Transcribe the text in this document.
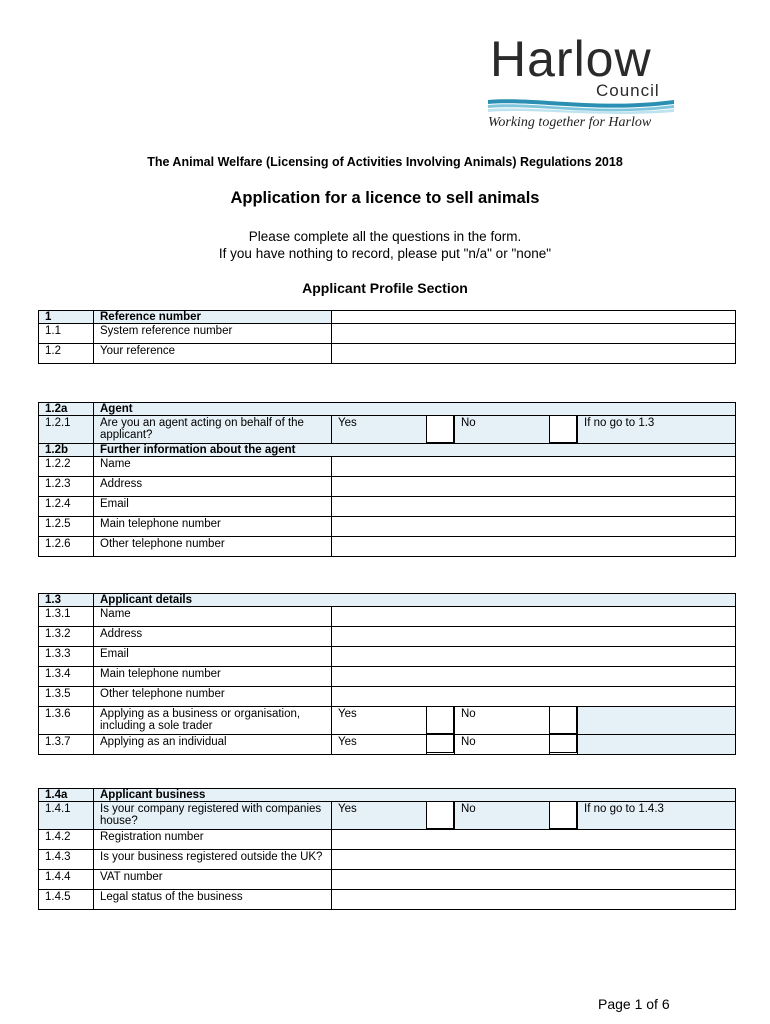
Harlow
Council
Working together for Harlow
The Animal Welfare (Licensing of Activities Involving Animals) Regulations 2018
Application for a licence to sell animals
Please complete all the questions in the form.
If you have nothing to record, please put "n/a" or "none"
Applicant Profile Section
1	Reference number	
1.1	System reference number	
1.2	Your reference	
1.2a	Agent					
1.2.1	Are you an agent acting on behalf of the applicant?	Yes		No		If no go to 1.3
1.2b	Further information about the agent					
1.2.2	Name					
1.2.3	Address					
1.2.4	Email					
1.2.5	Main telephone number					
1.2.6	Other telephone number					
1.3	Applicant details					
1.3.1	Name					
1.3.2	Address					
1.3.3	Email					
1.3.4	Main telephone number					
1.3.5	Other telephone number					
1.3.6	Applying as a business or organisation, including a sole trader	Yes		No	

1.3.7	Applying as an individual	Yes		No	

1.4a	Applicant business					
1.4.1	Is your company registered with companies house?	Yes		No		If no go to 1.4.3
1.4.2	Registration number					
1.4.3	Is your business registered outside the UK?					
1.4.4	VAT number					
1.4.5	Legal status of the business					
Page 1 of 6
